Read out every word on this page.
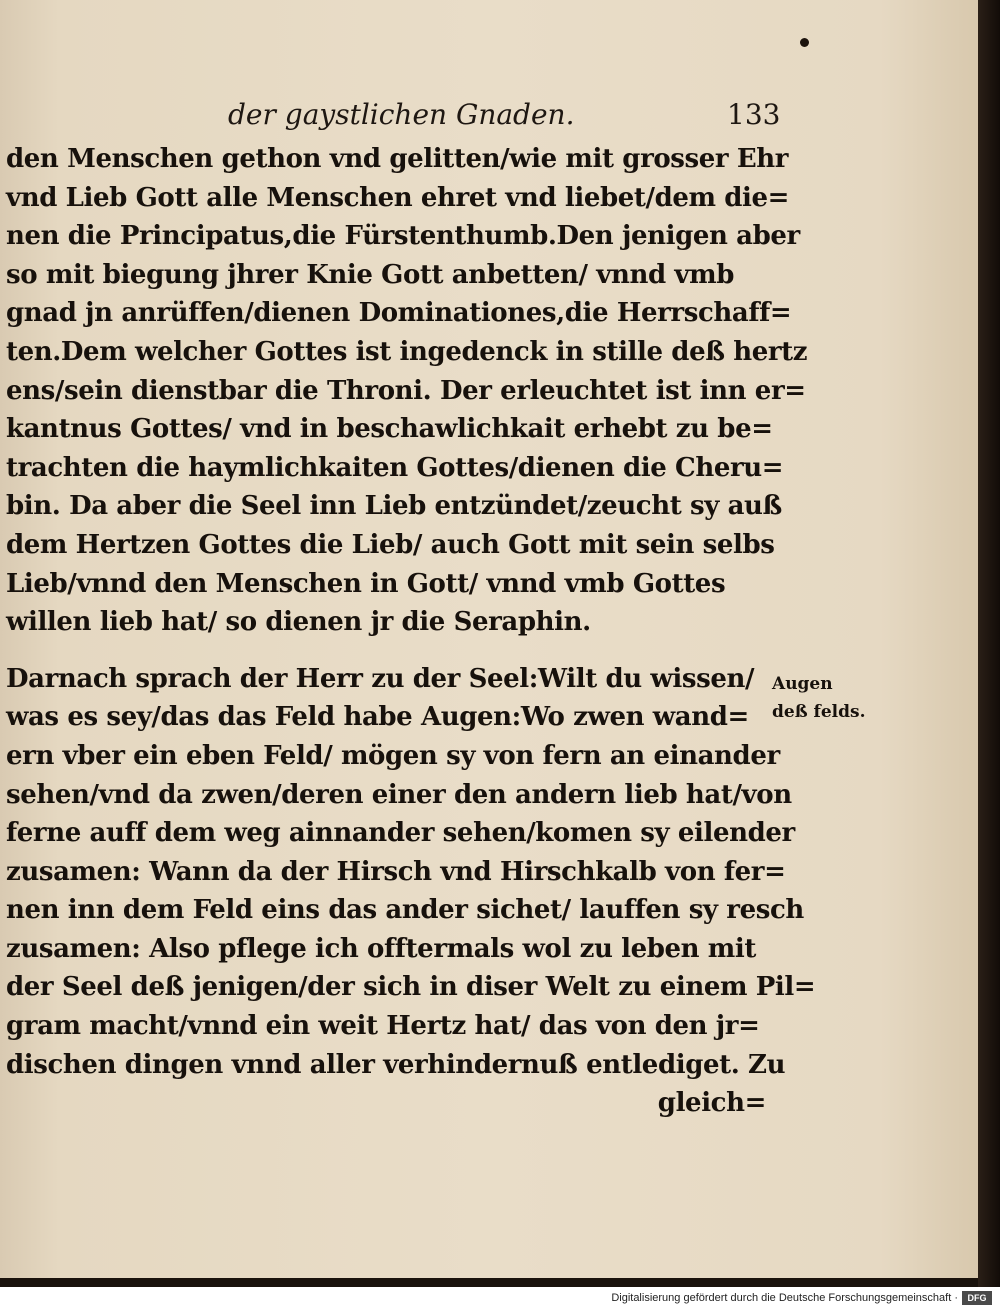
der gaystlichen Gnaden.	133
den Menschen gethon vnd gelitten/wie mit grosser Ehr
vnd Lieb Gott alle Menschen ehret vnd liebet/dem die=
nen die Principatus,die Fürstenthumb.Den jenigen aber
so mit biegung jhrer Knie Gott anbetten/ vnnd vmb
gnad jn anrüffen/dienen Dominationes,die Herrschaff=
ten.Dem welcher Gottes ist ingedenck in stille deß hertz
ens/sein dienstbar die Throni. Der erleuchtet ist inn er=
kantnus Gottes/ vnd in beschawlichkait erhebt zu be=
trachten die haymlichkaiten Gottes/dienen die Cheru=
bin. Da aber die Seel inn Lieb entzündet/zeucht sy auß
dem Hertzen Gottes die Lieb/ auch Gott mit sein selbs
Lieb/vnnd den Menschen in Gott/ vnnd vmb Gottes
willen lieb hat/ so dienen jr die Seraphin.
Darnach sprach der Herr zu der Seel:Wilt du wissen/
was es sey/das das Feld habe Augen:Wo zwen wand=
ern vber ein eben Feld/ mögen sy von fern an einander
sehen/vnd da zwen/deren einer den andern lieb hat/von
ferne auff dem weg ainnander sehen/komen sy eilender
zusamen: Wann da der Hirsch vnd Hirschkalb von fer=
nen inn dem Feld eins das ander sichet/ lauffen sy resch
zusamen: Also pflege ich offtermals wol zu leben mit
der Seel deß jenigen/der sich in diser Welt zu einem Pil=
gram macht/vnnd ein weit Hertz hat/ das von den jr=
dischen dingen vnnd aller verhindernuß entlediget. Zu
gleich=
Augen
deß felds.
Digitalisierung gefördert durch die Deutsche Forschungsgemeinschaft ·	DFG
